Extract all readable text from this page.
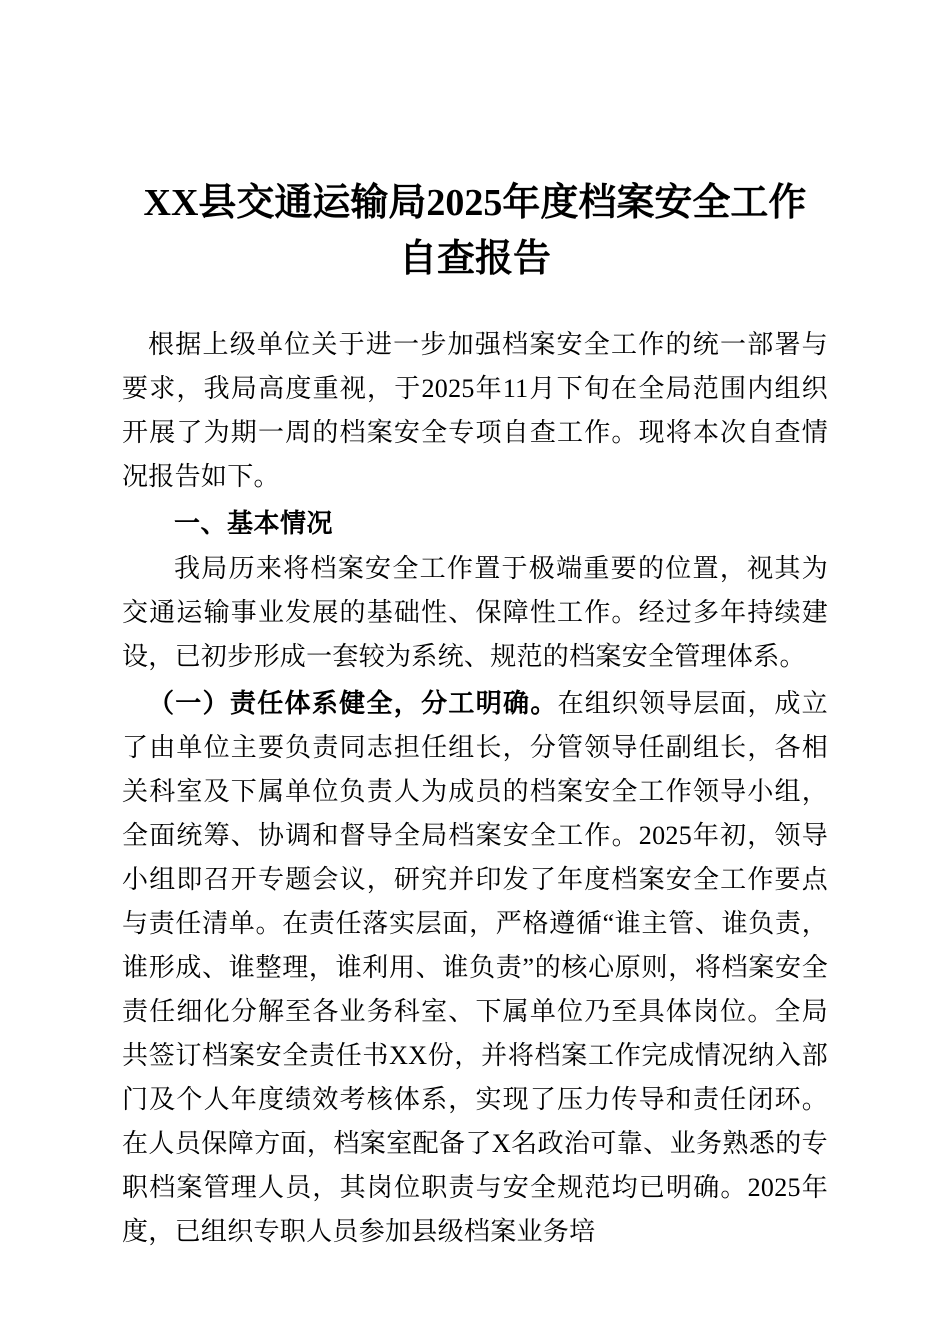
XX县交通运输局2025年度档案安全工作
自查报告

根据上级单位关于进一步加强档案安全工作的统一部署与要求，我局高度重视，于2025年11月下旬在全局范围内组织开展了为期一周的档案安全专项自查工作。现将本次自查情况报告如下。

一、基本情况

我局历来将档案安全工作置于极端重要的位置，视其为交通运输事业发展的基础性、保障性工作。经过多年持续建设，已初步形成一套较为系统、规范的档案安全管理体系。

（一）责任体系健全，分工明确。在组织领导层面，成立了由单位主要负责同志担任组长，分管领导任副组长，各相关科室及下属单位负责人为成员的档案安全工作领导小组，全面统筹、协调和督导全局档案安全工作。2025年初，领导小组即召开专题会议，研究并印发了年度档案安全工作要点与责任清单。在责任落实层面，严格遵循“谁主管、谁负责，谁形成、谁整理，谁利用、谁负责”的核心原则，将档案安全责任细化分解至各业务科室、下属单位乃至具体岗位。全局共签订档案安全责任书XX份，并将档案工作完成情况纳入部门及个人年度绩效考核体系，实现了压力传导和责任闭环。在人员保障方面，档案室配备了X名政治可靠、业务熟悉的专职档案管理人员，其岗位职责与安全规范均已明确。2025年度，已组织专职人员参加县级档案业务培
